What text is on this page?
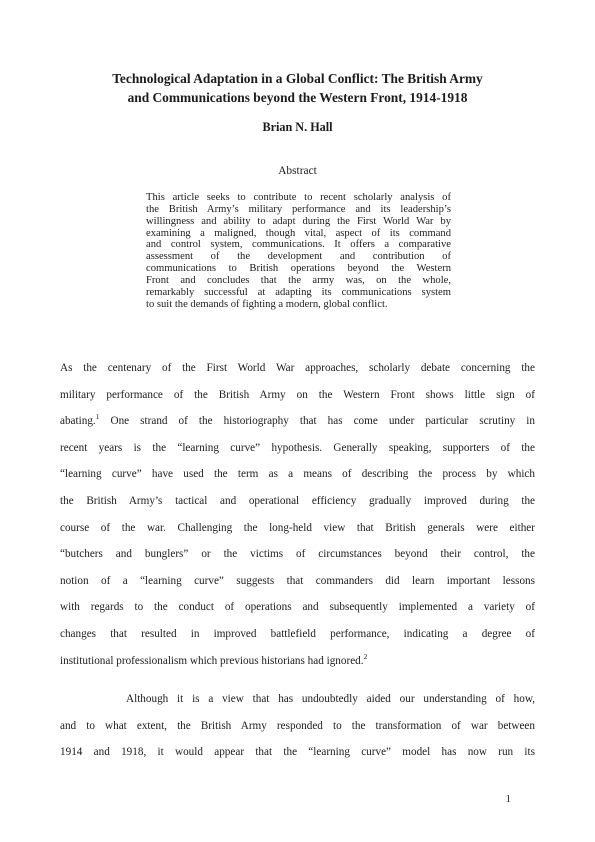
Technological Adaptation in a Global Conflict: The British Army
and Communications beyond the Western Front, 1914-1918
Brian N. Hall
Abstract
This article seeks to contribute to recent scholarly analysis of
the British Army’s military performance and its leadership’s
willingness and ability to adapt during the First World War by
examining a maligned, though vital, aspect of its command
and control system, communications. It offers a comparative
assessment of the development and contribution of
communications to British operations beyond the Western
Front and concludes that the army was, on the whole,
remarkably successful at adapting its communications system
to suit the demands of fighting a modern, global conflict.
As the centenary of the First World War approaches, scholarly debate concerning the
military performance of the British Army on the Western Front shows little sign of
abating.$^1$ One strand of the historiography that has come under particular scrutiny in
recent years is the “learning curve” hypothesis. Generally speaking, supporters of the
“learning curve” have used the term as a means of describing the process by which
the British Army’s tactical and operational efficiency gradually improved during the
course of the war. Challenging the long-held view that British generals were either
“butchers and bunglers” or the victims of circumstances beyond their control, the
notion of a “learning curve” suggests that commanders did learn important lessons
with regards to the conduct of operations and subsequently implemented a variety of
changes that resulted in improved battlefield performance, indicating a degree of
institutional professionalism which previous historians had ignored.$^2$
Although it is a view that has undoubtedly aided our understanding of how,
and to what extent, the British Army responded to the transformation of war between
1914 and 1918, it would appear that the “learning curve” model has now run its
1
